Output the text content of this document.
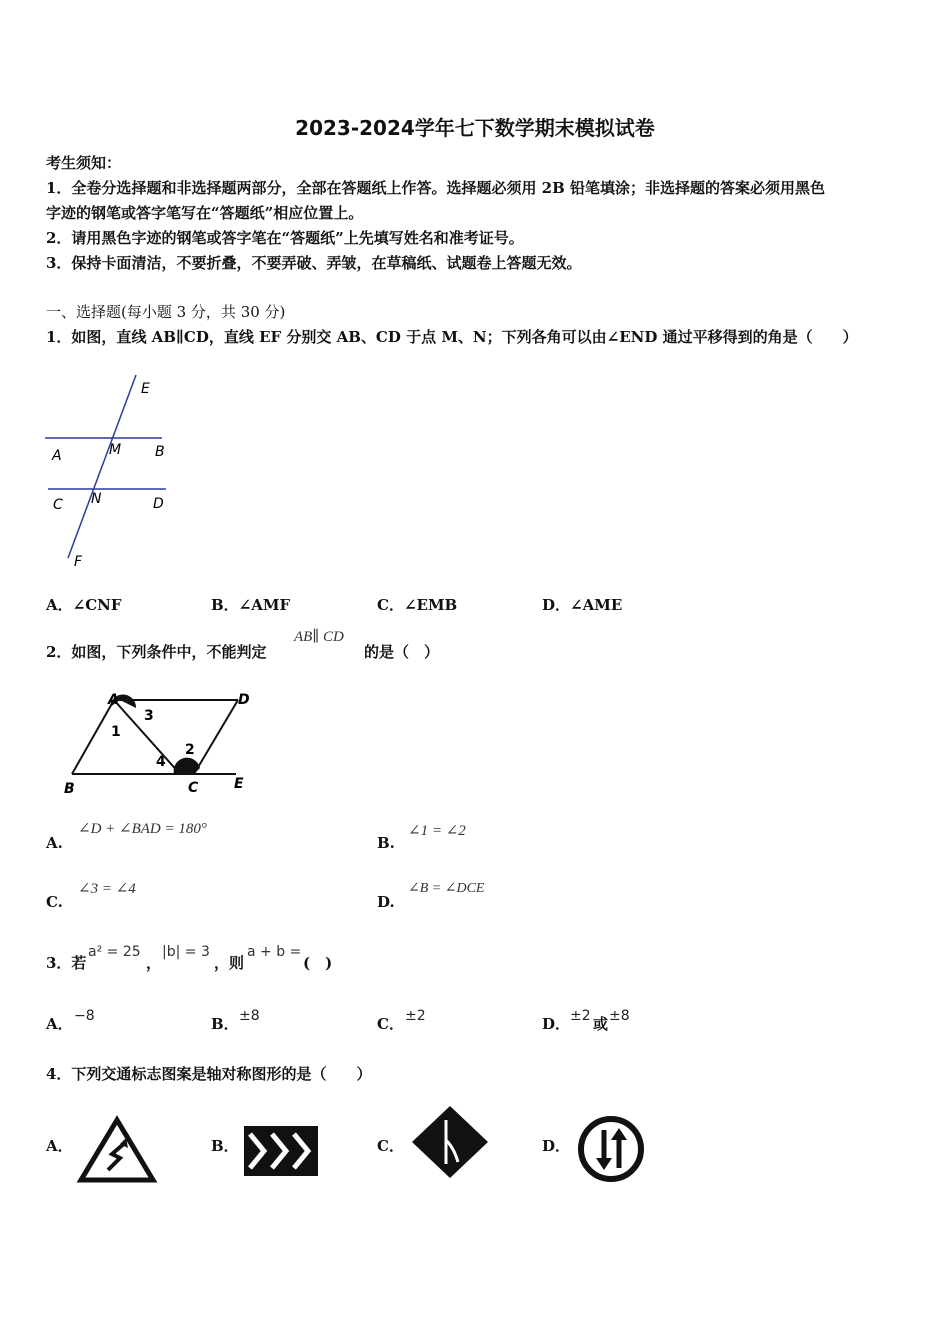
2023-2024学年七下数学期末模拟试卷
考生须知：
1．全卷分选择题和非选择题两部分，全部在答题纸上作答。选择题必须用 2B 铅笔填涂；非选择题的答案必须用黑色
字迹的钢笔或答字笔写在“答题纸”相应位置上。
2．请用黑色字迹的钢笔或答字笔在“答题纸”上先填写姓名和准考证号。
3．保持卡面清洁，不要折叠，不要弄破、弄皱，在草稿纸、试题卷上答题无效。
一、选择题(每小题 3 分，共 30 分)
1．如图，直线 AB∥CD，直线 EF 分别交 AB、CD 于点 M、N；下列各角可以由∠END 通过平移得到的角是（　　）
E
A	M B
C N	D
F
A．∠CNF	B．∠AMF	C．∠EMB	D．∠AME
2．如图，下列条件中，不能判定
AB∥ CD
的是（　）
A	D
B	C	E
1
2
3
4
A.
∠D + ∠BAD = 180°
B.
∠1 = ∠2
C.
∠3 = ∠4
D.
∠B = ∠DCE
3．若
a² = 25
，
|b| = 3
，则
a + b =
(　)
A． −8	B． ±8	C． ±2	D． ±2 或 ±8
4．下列交通标志图案是轴对称图形的是（　　）
A．	B．	C．	D．
